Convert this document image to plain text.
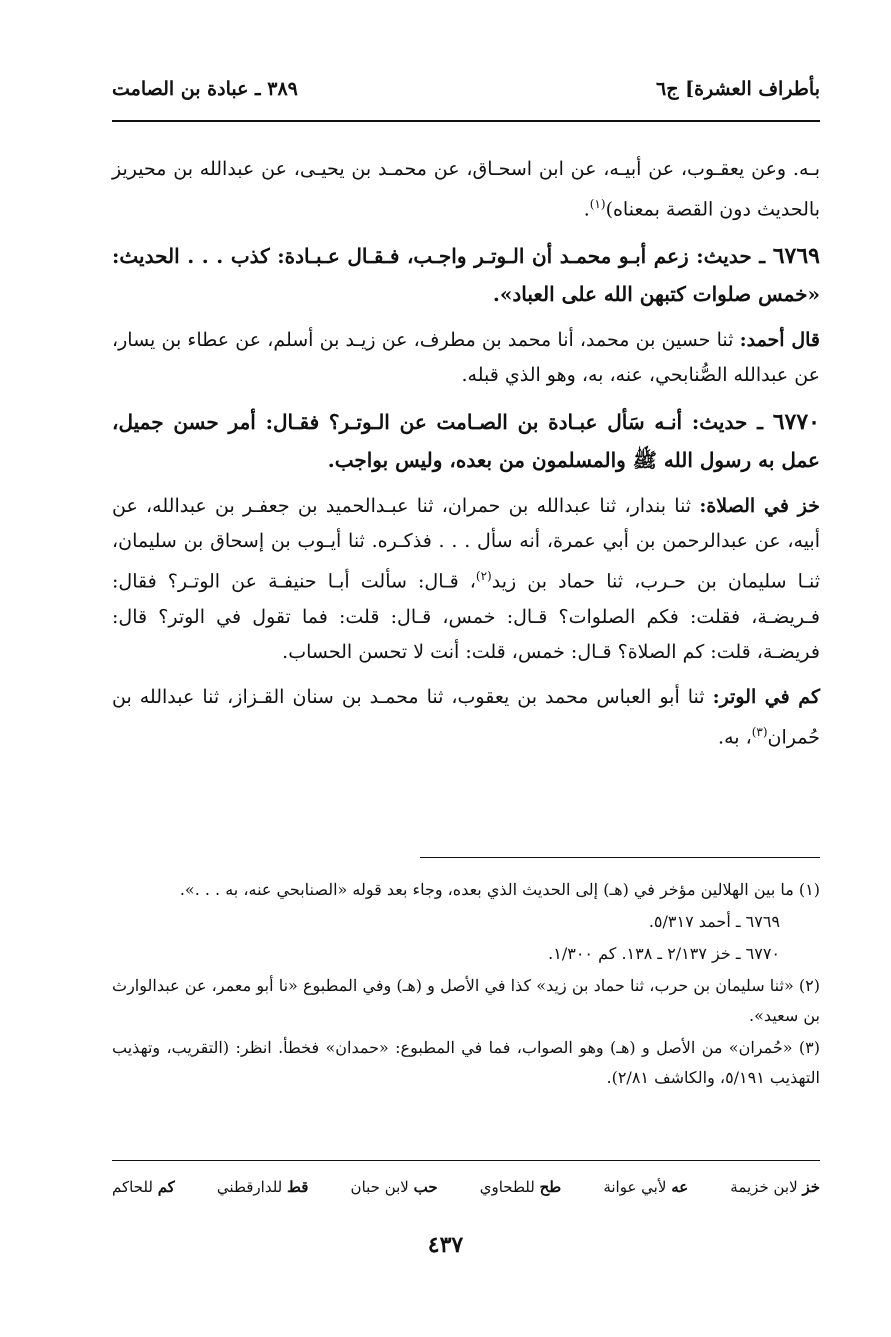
بأطراف العشرة] ج٦
٣٨٩ ـ عبادة بن الصامت

بـه. وعن يعقـوب، عن أبيـه، عن ابن اسحـاق، عن محمـد بن يحيـى، عن عبدالله بن محيريز بالحديث دون القصة بمعناه)$^{(١)}$.

٦٧٦٩ ـ حديث: زعم أبـو محمـد أن الـوتـر واجـب، فـقـال عـبـادة: كذب . . . الحديث: «خمس صلوات كتبهن الله على العباد».

قال أحمد: ثنا حسين بن محمد، أنا محمد بن مطرف، عن زيـد بن أسلم، عن عطاء بن يسار، عن عبدالله الصُّنابحي، عنه، به، وهو الذي قبله.

٦٧٧٠ ـ حديث: أنـه سَأل عبـادة بن الصـامت عن الـوتـر؟ فقـال: أمر حسن جميل، عمل به رسول الله ﷺ والمسلمون من بعده، وليس بواجب.

خز في الصلاة: ثنا بندار، ثنا عبدالله بن حمران، ثنا عبـدالحميد بن جعفـر بن عبدالله، عن أبيه، عن عبدالرحمن بن أبي عمرة، أنه سأل . . . فذكـره. ثنا أيـوب بن إسحاق بن سليمان، ثنـا سليمان بن حـرب، ثنا حماد بن زيد$^{(٢)}$، قـال: سألت أبـا حنيفـة عن الوتـر؟ فقال: فـريضـة، فقلت: فكم الصلوات؟ قـال: خمس، قـال: قلت: فما تقول في الوتر؟ قال: فريضـة، قلت: كم الصلاة؟ قـال: خمس، قلت: أنت لا تحسن الحساب.

كم في الوتر: ثنا أبو العباس محمد بن يعقوب، ثنا محمـد بن سنان القـزاز، ثنا عبدالله بن حُمران$^{(٣)}$، به.

(١) ما بين الهلالين مؤخر في (هـ) إلى الحديث الذي بعده، وجاء بعد قوله «الصنابحي عنه، به . . .».

٦٧٦٩ ـ أحمد ٥/٣١٧.

٦٧٧٠ ـ خز ٢/١٣٧ ـ ١٣٨. كم ١/٣٠٠.

(٢) «ثنا سليمان بن حرب، ثنا حماد بن زيد» كذا في الأصل و (هـ) وفي المطبوع «نا أبو معمر، عن عبدالوارث بن سعيد».

(٣) «حُمران» من الأصل و (هـ) وهو الصواب، فما في المطبوع: «حمدان» فخطأ. انظر: (التقريب، وتهذيب التهذيب ٥/١٩١، والكاشف ٢/٨١).

خز لابن خزيمة
عه لأبي عوانة
طح للطحاوي
حب لابن حبان
قط للدارقطني
كم للحاكم
٤٣٧
